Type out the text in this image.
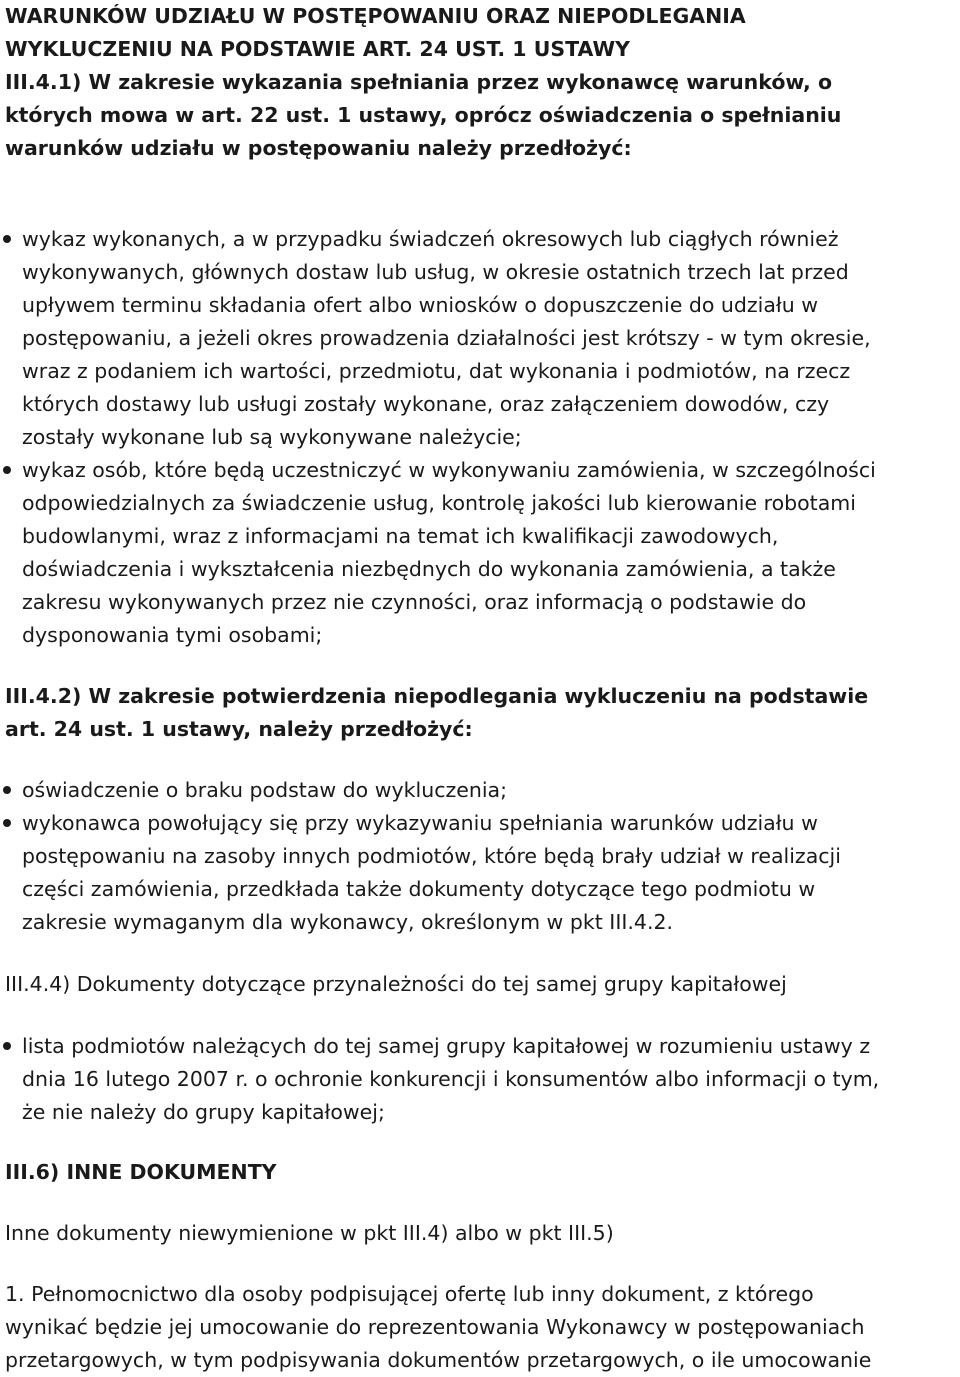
WARUNKÓW UDZIAŁU W POSTĘPOWANIU ORAZ NIEPODLEGANIA
WYKLUCZENIU NA PODSTAWIE ART. 24 UST. 1 USTAWY
III.4.1) W zakresie wykazania spełniania przez wykonawcę warunków, o
których mowa w art. 22 ust. 1 ustawy, oprócz oświadczenia o spełnianiu
warunków udziału w postępowaniu należy przedłożyć:
wykaz wykonanych, a w przypadku świadczeń okresowych lub ciągłych również
wykonywanych, głównych dostaw lub usług, w okresie ostatnich trzech lat przed
upływem terminu składania ofert albo wniosków o dopuszczenie do udziału w
postępowaniu, a jeżeli okres prowadzenia działalności jest krótszy - w tym okresie,
wraz z podaniem ich wartości, przedmiotu, dat wykonania i podmiotów, na rzecz
których dostawy lub usługi zostały wykonane, oraz załączeniem dowodów, czy
zostały wykonane lub są wykonywane należycie;
wykaz osób, które będą uczestniczyć w wykonywaniu zamówienia, w szczególności
odpowiedzialnych za świadczenie usług, kontrolę jakości lub kierowanie robotami
budowlanymi, wraz z informacjami na temat ich kwalifikacji zawodowych,
doświadczenia i wykształcenia niezbędnych do wykonania zamówienia, a także
zakresu wykonywanych przez nie czynności, oraz informacją o podstawie do
dysponowania tymi osobami;
III.4.2) W zakresie potwierdzenia niepodlegania wykluczeniu na podstawie
art. 24 ust. 1 ustawy, należy przedłożyć:
oświadczenie o braku podstaw do wykluczenia;
wykonawca powołujący się przy wykazywaniu spełniania warunków udziału w
postępowaniu na zasoby innych podmiotów, które będą brały udział w realizacji
części zamówienia, przedkłada także dokumenty dotyczące tego podmiotu w
zakresie wymaganym dla wykonawcy, określonym w pkt III.4.2.

III.4.4) Dokumenty dotyczące przynależności do tej samej grupy kapitałowej

lista podmiotów należących do tej samej grupy kapitałowej w rozumieniu ustawy z
dnia 16 lutego 2007 r. o ochronie konkurencji i konsumentów albo informacji o tym,
że nie należy do grupy kapitałowej;
III.6) INNE DOKUMENTY

Inne dokumenty niewymienione w pkt III.4) albo w pkt III.5)

1. Pełnomocnictwo dla osoby podpisującej ofertę lub inny dokument, z którego
wynikać będzie jej umocowanie do reprezentowania Wykonawcy w postępowaniach
przetargowych, w tym podpisywania dokumentów przetargowych, o ile umocowanie
